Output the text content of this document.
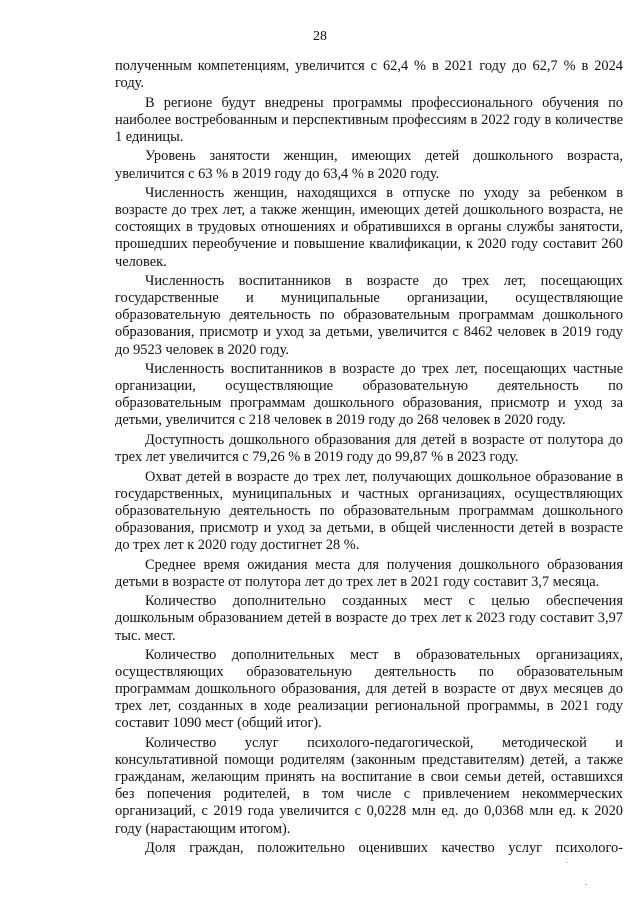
28

полученным компетенциям, увеличится с 62,4 % в 2021 году до 62,7 % в 2024 году.

В регионе будут внедрены программы профессионального обучения по наиболее востребованным и перспективным профессиям в 2022 году в количестве 1 единицы.

Уровень занятости женщин, имеющих детей дошкольного возраста, увеличится с 63 % в 2019 году до 63,4 % в 2020 году.

Численность женщин, находящихся в отпуске по уходу за ребенком в возрасте до трех лет, а также женщин, имеющих детей дошкольного возраста, не состоящих в трудовых отношениях и обратившихся в органы службы занятости, прошедших переобучение и повышение квалификации, к 2020 году составит 260 человек.

Численность воспитанников в возрасте до трех лет, посещающих государственные и муниципальные организации, осуществляющие образовательную деятельность по образовательным программам дошкольного образования, присмотр и уход за детьми, увеличится с 8462 человек в 2019 году до 9523 человек в 2020 году.

Численность воспитанников в возрасте до трех лет, посещающих частные организации, осуществляющие образовательную деятельность по образовательным программам дошкольного образования, присмотр и уход за детьми, увеличится с 218 человек в 2019 году до 268 человек в 2020 году.

Доступность дошкольного образования для детей в возрасте от полутора до трех лет увеличится с 79,26 % в 2019 году до 99,87 % в 2023 году.

Охват детей в возрасте до трех лет, получающих дошкольное образование в государственных, муниципальных и частных организациях, осуществляющих образовательную деятельность по образовательным программам дошкольного образования, присмотр и уход за детьми, в общей численности детей в возрасте до трех лет к 2020 году достигнет 28 %.

Среднее время ожидания места для получения дошкольного образования детьми в возрасте от полутора лет до трех лет в 2021 году составит 3,7 месяца.

Количество дополнительно созданных мест с целью обеспечения дошкольным образованием детей в возрасте до трех лет к 2023 году составит 3,97 тыс. мест.

Количество дополнительных мест в образовательных организациях, осуществляющих образовательную деятельность по образовательным программам дошкольного образования, для детей в возрасте от двух месяцев до трех лет, созданных в ходе реализации региональной программы, в 2021 году составит 1090 мест (общий итог).

Количество услуг психолого-педагогической, методической и консультативной помощи родителям (законным представителям) детей, а также гражданам, желающим принять на воспитание в свои семьи детей, оставшихся без попечения родителей, в том числе с привлечением некоммерческих организаций, с 2019 года увеличится с 0,0228 млн ед. до 0,0368 млн ед. к 2020 году (нарастающим итогом).

Доля граждан, положительно оценивших качество услуг психолого-
